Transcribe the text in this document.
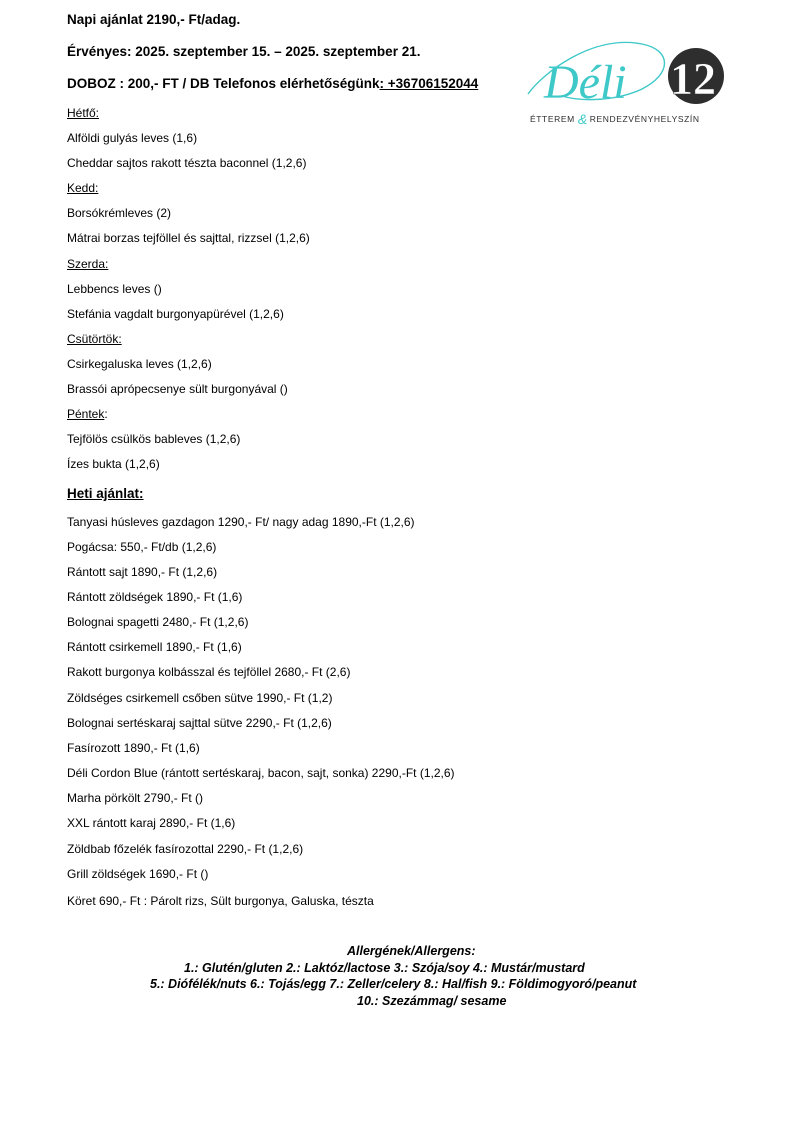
Napi ajánlat 2190,- Ft/adag.
Érvényes: 2025. szeptember 15. – 2025. szeptember 21.
DOBOZ : 200,- FT / DB Telefonos elérhetőségünk: +36706152044 Déli 12
ÉTTEREM & RENDEZVÉNYHELYSZÍN
Hétfő:
Alföldi gulyás leves (1,6)
Cheddar sajtos rakott tészta baconnel (1,2,6)
Kedd:
Borsókrémleves (2)
Mátrai borzas tejföllel és sajttal, rizzsel (1,2,6)
Szerda:
Lebbencs leves ()
Stefánia vagdalt burgonyapürével (1,2,6)
Csütörtök:
Csirkegaluska leves (1,2,6)
Brassói aprópecsenye sült burgonyával ()
Péntek:
Tejfölös csülkös bableves (1,2,6)
Ízes bukta (1,2,6)
Heti ajánlat:
Tanyasi húsleves gazdagon 1290,- Ft/ nagy adag 1890,-Ft (1,2,6)
Pogácsa: 550,- Ft/db (1,2,6)
Rántott sajt 1890,- Ft (1,2,6)
Rántott zöldségek 1890,- Ft (1,6)
Bolognai spagetti 2480,- Ft (1,2,6)
Rántott csirkemell 1890,- Ft (1,6)
Rakott burgonya kolbásszal és tejföllel 2680,- Ft (2,6)
Zöldséges csirkemell csőben sütve 1990,- Ft (1,2)
Bolognai sertéskaraj sajttal sütve 2290,- Ft (1,2,6)
Fasírozott 1890,- Ft (1,6)
Déli Cordon Blue (rántott sertéskaraj, bacon, sajt, sonka) 2290,-Ft (1,2,6)
Marha pörkölt 2790,- Ft ()
XXL rántott karaj 2890,- Ft (1,6)
Zöldbab főzelék fasírozottal 2290,- Ft (1,2,6)
Grill zöldségek 1690,- Ft ()
Köret 690,- Ft : Párolt rizs, Sült burgonya, Galuska, tészta
Allergének/Allergens:
1.: Glutén/gluten 2.: Laktóz/lactose 3.: Szója/soy 4.: Mustár/mustard
5.: Diófélék/nuts 6.: Tojás/egg 7.: Zeller/celery 8.: Hal/fish 9.: Földimogyoró/peanut
10.: Szezámmag/ sesame
